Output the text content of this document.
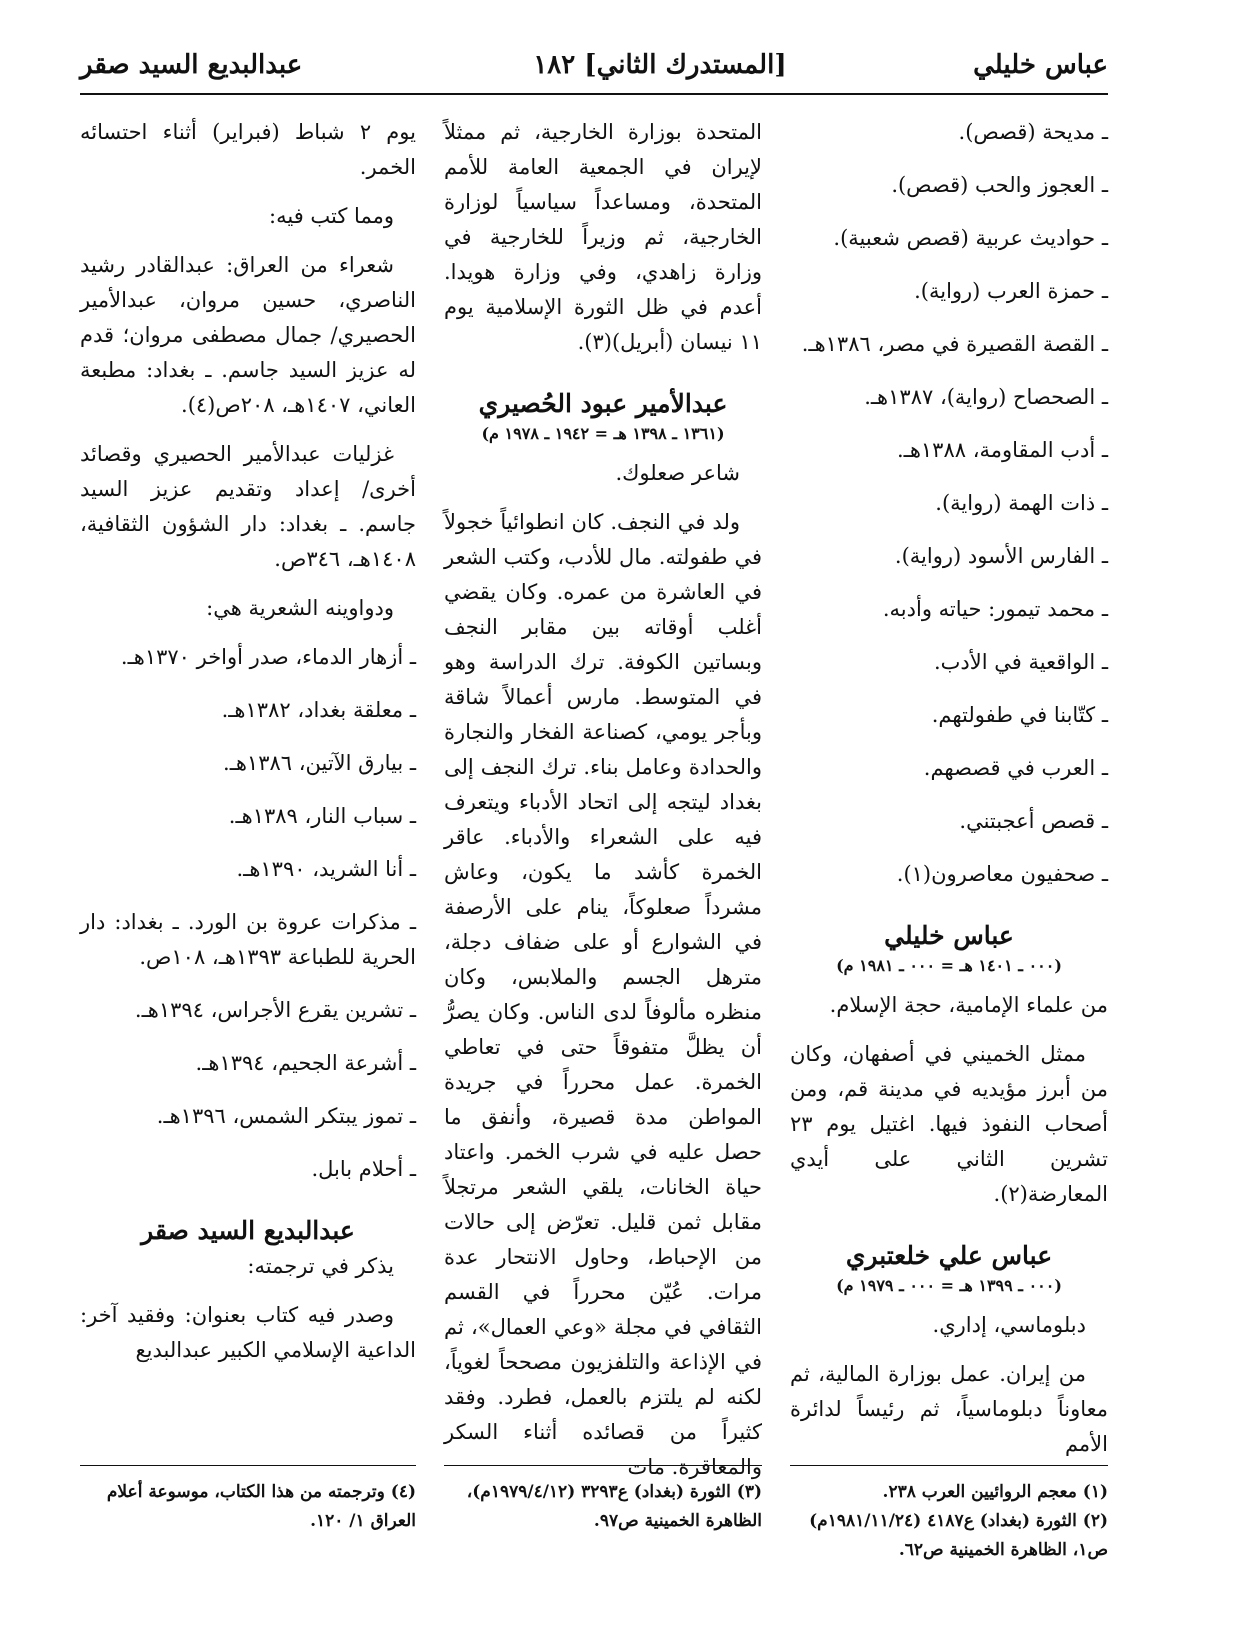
عباس خليلي
[المستدرك الثاني] ١٨٢
عبدالبديع السيد صقر
ـ مديحة (قصص).
ـ العجوز والحب (قصص).
ـ حواديث عربية (قصص شعبية).
ـ حمزة العرب (رواية).
ـ القصة القصيرة في مصر، ١٣٨٦هـ.
ـ الصحصاح (رواية)، ١٣٨٧هـ.
ـ أدب المقاومة، ١٣٨٨هـ.
ـ ذات الهمة (رواية).
ـ الفارس الأسود (رواية).
ـ محمد تيمور: حياته وأدبه.
ـ الواقعية في الأدب.
ـ كتّابنا في طفولتهم.
ـ العرب في قصصهم.
ـ قصص أعجبتني.
ـ صحفيون معاصرون(١).
عباس خليلي
(٠٠٠ ـ ١٤٠١ هـ = ٠٠٠ ـ ١٩٨١ م)
من علماء الإمامية، حجة الإسلام.
ممثل الخميني في أصفهان، وكان من أبرز مؤيديه في مدينة قم، ومن أصحاب النفوذ فيها. اغتيل يوم ٢٣ تشرين الثاني على أيدي المعارضة(٢).
عباس علي خلعتبري
(٠٠٠ ـ ١٣٩٩ هـ = ٠٠٠ ـ ١٩٧٩ م)
دبلوماسي، إداري.
من إيران. عمل بوزارة المالية، ثم معاوناً دبلوماسياً، ثم رئيساً لدائرة الأمم
المتحدة بوزارة الخارجية، ثم ممثلاً لإيران في الجمعية العامة للأمم المتحدة، ومساعداً سياسياً لوزارة الخارجية، ثم وزيراً للخارجية في وزارة زاهدي، وفي وزارة هويدا. أعدم في ظل الثورة الإسلامية يوم ١١ نيسان (أبريل)(٣).
عبدالأمير عبود الحُصيري
(١٣٦١ ـ ١٣٩٨ هـ = ١٩٤٢ ـ ١٩٧٨ م)
شاعر صعلوك.
ولد في النجف. كان انطوائياً خجولاً في طفولته. مال للأدب، وكتب الشعر في العاشرة من عمره. وكان يقضي أغلب أوقاته بين مقابر النجف وبساتين الكوفة. ترك الدراسة وهو في المتوسط. مارس أعمالاً شاقة وبأجر يومي، كصناعة الفخار والنجارة والحدادة وعامل بناء. ترك النجف إلى بغداد ليتجه إلى اتحاد الأدباء ويتعرف فيه على الشعراء والأدباء. عاقر الخمرة كأشد ما يكون، وعاش مشرداً صعلوكاً، ينام على الأرصفة في الشوارع أو على ضفاف دجلة، مترهل الجسم والملابس، وكان منظره مألوفاً لدى الناس. وكان يصرُّ أن يظلَّ متفوقاً حتى في تعاطي الخمرة. عمل محرراً في جريدة المواطن مدة قصيرة، وأنفق ما حصل عليه في شرب الخمر. واعتاد حياة الخانات، يلقي الشعر مرتجلاً مقابل ثمن قليل. تعرّض إلى حالات من الإحباط، وحاول الانتحار عدة مرات. عُيّن محرراً في القسم الثقافي في مجلة «وعي العمال»، ثم في الإذاعة والتلفزيون مصححاً لغوياً، لكنه لم يلتزم بالعمل، فطرد. وفقد كثيراً من قصائده أثناء السكر والمعاقرة. مات
يوم ٢ شباط (فبراير) أثناء احتسائه الخمر.
ومما كتب فيه:
شعراء من العراق: عبدالقادر رشيد الناصري، حسين مروان، عبدالأمير الحصيري/ جمال مصطفى مروان؛ قدم له عزيز السيد جاسم. ـ بغداد: مطبعة العاني، ١٤٠٧هـ، ٢٠٨ص(٤).
غزليات عبدالأمير الحصيري وقصائد أخرى/ إعداد وتقديم عزيز السيد جاسم. ـ بغداد: دار الشؤون الثقافية، ١٤٠٨هـ، ٣٤٦ص.
ودواوينه الشعرية هي:
ـ أزهار الدماء، صدر أواخر ١٣٧٠هـ.
ـ معلقة بغداد، ١٣٨٢هـ.
ـ بيارق الآتين، ١٣٨٦هـ.
ـ سباب النار، ١٣٨٩هـ.
ـ أنا الشريد، ١٣٩٠هـ.
ـ مذكرات عروة بن الورد. ـ بغداد: دار الحرية للطباعة ١٣٩٣هـ، ١٠٨ص.
ـ تشرين يقرع الأجراس، ١٣٩٤هـ.
ـ أشرعة الجحيم، ١٣٩٤هـ.
ـ تموز يبتكر الشمس، ١٣٩٦هـ.
ـ أحلام بابل.
عبدالبديع السيد صقر
يذكر في ترجمته:
وصدر فيه كتاب بعنوان: وفقيد آخر: الداعية الإسلامي الكبير عبدالبديع
(١) معجم الروائيين العرب ٢٣٨.
(٢) الثورة (بغداد) ع٤١٨٧ (١٩٨١/١١/٢٤م)
ص١، الظاهرة الخمينية ص٦٢.
(٣) الثورة (بغداد) ع٣٢٩٣ (١٩٧٩/٤/١٢م)،
الظاهرة الخمينية ص٩٧.
(٤) وترجمته من هذا الكتاب، موسوعة أعلام
العراق ١/ ١٢٠.
